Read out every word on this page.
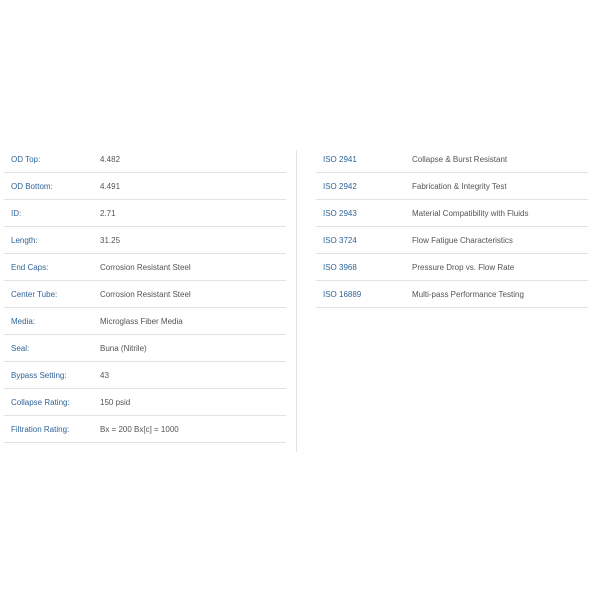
OD Top:	4.482
OD Bottom:	4.491
ID:	2.71
Length:	31.25
End Caps:	Corrosion Resistant Steel
Center Tube:	Corrosion Resistant Steel
Media:	Microglass Fiber Media
Seal:	Buna (Nitrile)
Bypass Setting:	43
Collapse Rating:	150 psid
Filtration Rating:	Bx = 200 Bx[c] = 1000
ISO 2941	Collapse & Burst Resistant
ISO 2942	Fabrication & Integrity Test
ISO 2943	Material Compatibility with Fluids
ISO 3724	Flow Fatigue Characteristics
ISO 3968	Pressure Drop vs. Flow Rate
ISO 16889	Multi-pass Performance Testing
